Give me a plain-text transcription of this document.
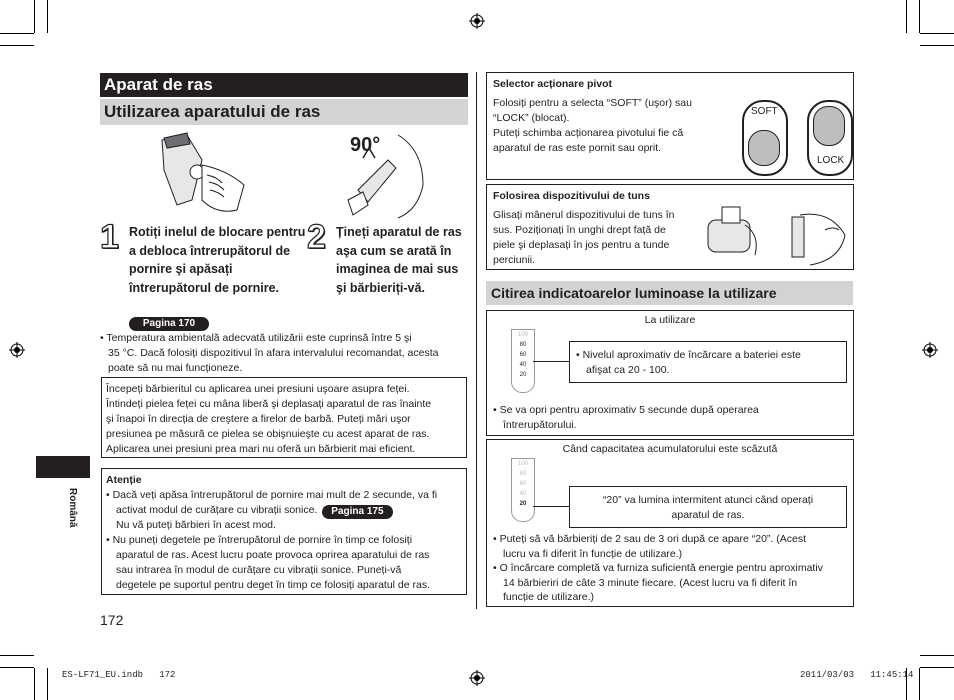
Aparat de ras
Utilizarea aparatului de ras
90°
1 Rotiți inelul de blocare pentru a debloca întrerupătorul de pornire şi apăsați întrerupătorul de pornire.
2 Țineți aparatul de ras aşa cum se arată în imaginea de mai sus şi bărbieriți-vă.
Pagina 170
• Temperatura ambientală adecvată utilizării este cuprinsă între 5 şi
35 °C. Dacă folosiți dispozitivul în afara intervalului recomandat, acesta
poate să nu mai funcționeze.
Începeți bărbieritul cu aplicarea unei presiuni uşoare asupra feței.
Întindeți pielea feței cu mâna liberă şi deplasați aparatul de ras înainte
şi înapoi în direcția de creştere a firelor de barbă. Puteți mări uşor
presiunea pe măsură ce pielea se obişnuieşte cu acest aparat de ras.
Aplicarea unei presiuni prea mari nu oferă un bărbierit mai eficient.
Atenție
• Dacă veți apăsa întrerupătorul de pornire mai mult de 2 secunde, va fi
activat modul de curățare cu vibrații sonice. Pagina 175
Nu vă puteți bărbieri în acest mod.
• Nu puneți degetele pe întrerupătorul de pornire în timp ce folosiți
aparatul de ras. Acest lucru poate provoca oprirea aparatului de ras
sau intrarea în modul de curățare cu vibrații sonice. Puneți-vă
degetele pe suportul pentru deget în timp ce folosiți aparatul de ras.
Română
172
Selector acționare pivot
Folosiți pentru a selecta “SOFT” (uşor) sau
“LOCK” (blocat).
Puteți schimba acționarea pivotului fie că
aparatul de ras este pornit sau oprit.
SOFT
LOCK
Folosirea dispozitivului de tuns
Glisați mânerul dispozitivului de tuns în
sus. Poziționați în unghi drept față de
piele şi deplasați în jos pentru a tunde
perciunii.
Citirea indicatoarelor luminoase la utilizare
La utilizare
100
80
60
40
20
• Nivelul aproximativ de încărcare a bateriei este
afişat ca 20 - 100.
• Se va opri pentru aproximativ 5 secunde după operarea
întrerupătorului.
Când capacitatea acumulatorului este scăzută
100
80
60
40
20	“20” va lumina intermitent atunci când operați
aparatul de ras.
• Puteți să vă bărbieriți de 2 sau de 3 ori după ce apare “20”. (Acest
lucru va fi diferit în funcție de utilizare.)
• O încărcare completă va furniza suficientă energie pentru aproximativ
14 bărbieriri de câte 3 minute fiecare. (Acest lucru va fi diferit în
funcție de utilizare.)
ES-LF71_EU.indb   172	2011/03/03   11:45:14
